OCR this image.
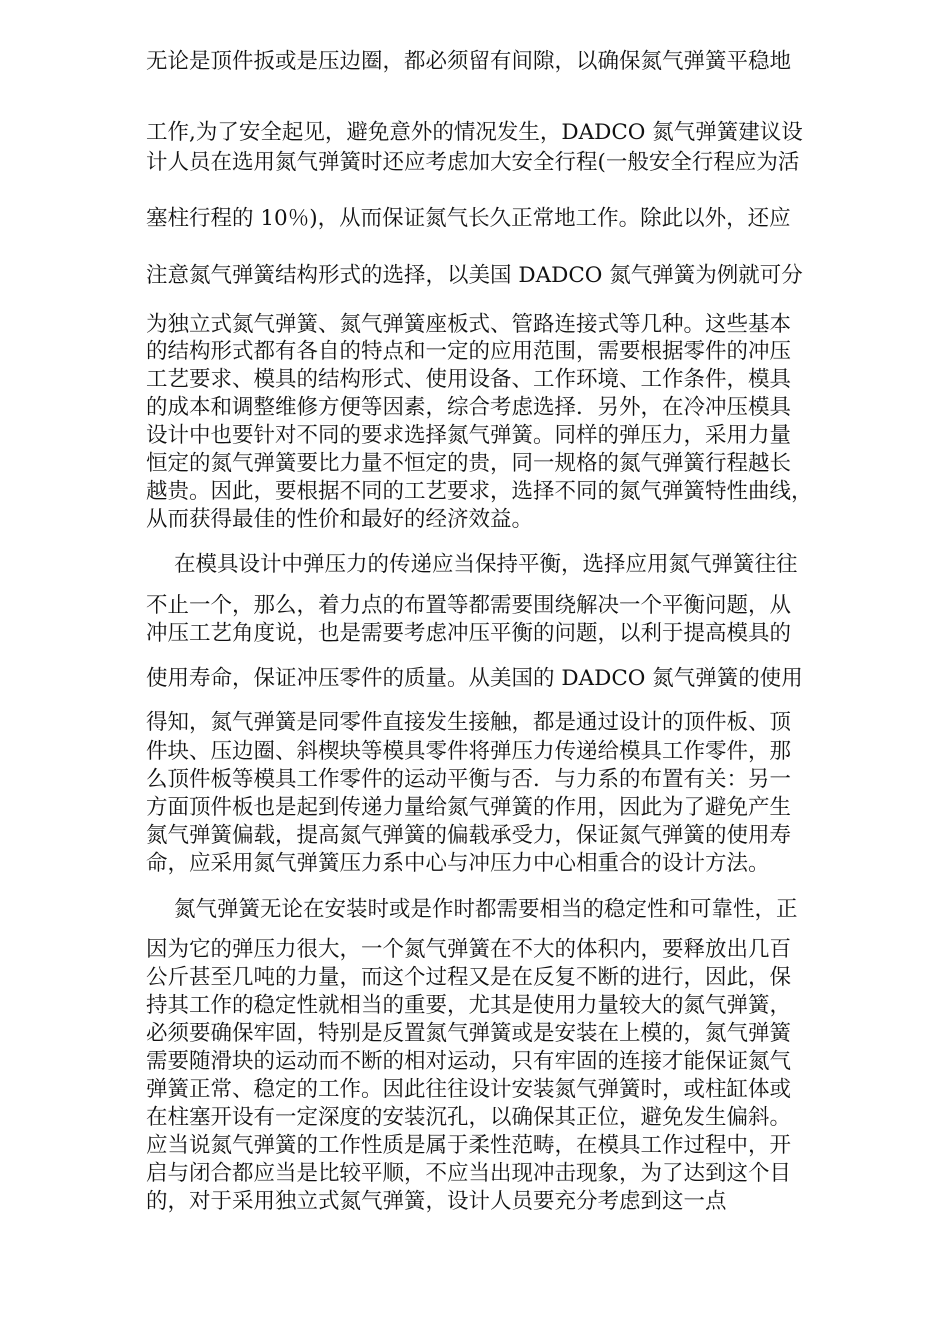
无论是顶件扳或是压边圈，都必须留有间隙，以确保氮气弹簧平稳地
工作,为了安全起见，避免意外的情况发生，DADCO 氮气弹簧建议设
计人员在选用氮气弹簧时还应考虑加大安全行程(一般安全行程应为活
塞柱行程的 10％)，从而保证氮气长久正常地工作。除此以外，还应
注意氮气弹簧结构形式的选择，以美国 DADCO 氮气弹簧为例就可分
为独立式氮气弹簧、氮气弹簧座板式、管路连接式等几种。这些基本
的结构形式都有各自的特点和一定的应用范围，需要根据零件的冲压
工艺要求、模具的结构形式、使用设备、工作环境、工作条件，模具
的成本和调整维修方便等因素，综合考虑选择．另外，在冷冲压模具
设计中也要针对不同的要求选择氮气弹簧。同样的弹压力，采用力量
恒定的氮气弹簧要比力量不恒定的贵，同一规格的氮气弹簧行程越长
越贵。因此，要根据不同的工艺要求，选择不同的氮气弹簧特性曲线，
从而获得最佳的性价和最好的经济效益。
在模具设计中弹压力的传递应当保持平衡，选择应用氮气弹簧往往
不止一个，那么，着力点的布置等都需要围绕解决一个平衡问题，从
冲压工艺角度说，也是需要考虑冲压平衡的问题，以利于提高模具的
使用寿命，保证冲压零件的质量。从美国的 DADCO 氮气弹簧的使用
得知，氮气弹簧是同零件直接发生接触，都是通过设计的顶件板、顶
件块、压边圈、斜楔块等模具零件将弹压力传递给模具工作零件，那
么顶件板等模具工作零件的运动平衡与否．与力系的布置有关：另一
方面顶件板也是起到传递力量给氮气弹簧的作用，因此为了避免产生
氮气弹簧偏载，提高氮气弹簧的偏载承受力，保证氮气弹簧的使用寿
命，应采用氮气弹簧压力系中心与冲压力中心相重合的设计方法。
氮气弹簧无论在安装时或是作时都需要相当的稳定性和可靠性，正
因为它的弹压力很大，一个氮气弹簧在不大的体积内，要释放出几百
公斤甚至几吨的力量，而这个过程又是在反复不断的进行，因此，保
持其工作的稳定性就相当的重要，尤其是使用力量较大的氮气弹簧，
必须要确保牢固，特别是反置氮气弹簧或是安装在上模的，氮气弹簧
需要随滑块的运动而不断的相对运动，只有牢固的连接才能保证氮气
弹簧正常、稳定的工作。因此往往设计安装氮气弹簧时，或柱缸体或
在柱塞开设有一定深度的安装沉孔，以确保其正位，避免发生偏斜。
应当说氮气弹簧的工作性质是属于柔性范畴，在模具工作过程中，开
启与闭合都应当是比较平顺，不应当出现冲击现象，为了达到这个目
的，对于采用独立式氮气弹簧，设计人员要充分考虑到这一点
